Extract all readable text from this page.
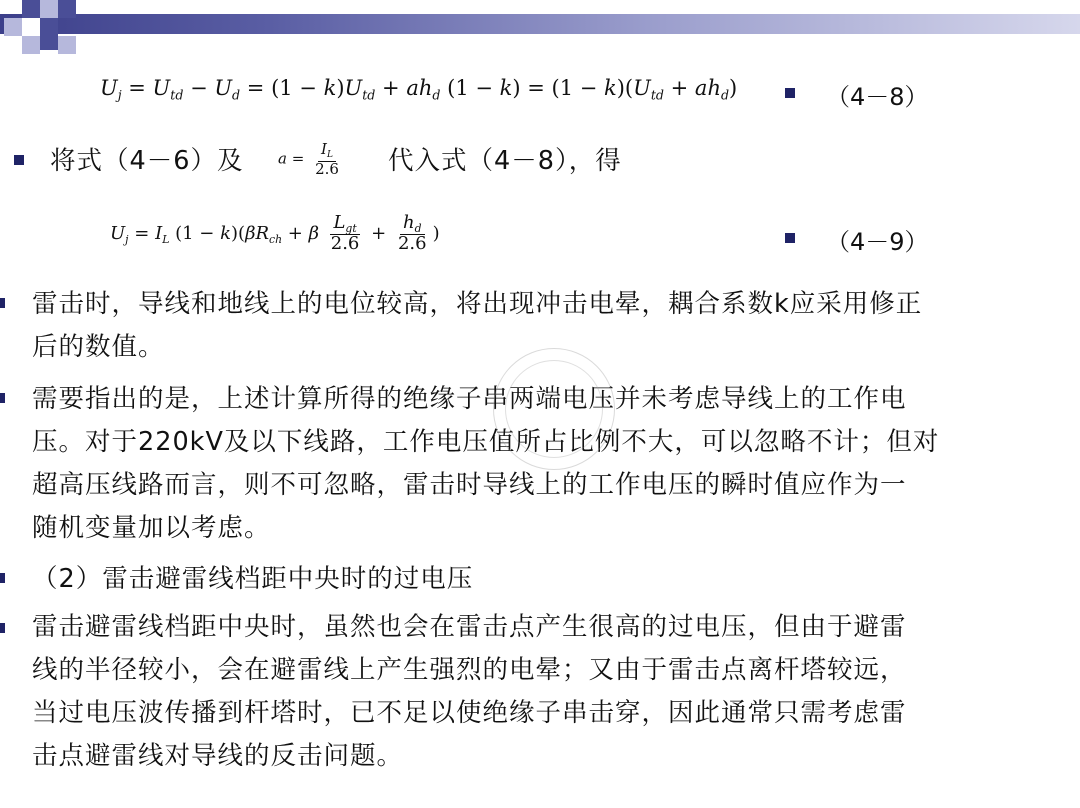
$U_j = U_{td} - U_d = (1 - k)U_{td} + ah_d$ $(1 - k) = (1 - k)(U_{td} + ah_d)$	（4－8）
将式（4－6）及 $a = \frac{I_L}{2.6}$ 代入式（4－8），得
$U_j = I_L$ $(1 - k)(\beta R_{ch} + \beta \frac{L_{gt}}{2.6} + \frac{h_d}{2.6}$ )	（4－9）
雷击时，导线和地线上的电位较高，将出现冲击电晕，耦合系数k应采用修正
后的数值。
需要指出的是，上述计算所得的绝缘子串两端电压并未考虑导线上的工作电
压。对于220kV及以下线路，工作电压值所占比例不大，可以忽略不计；但对
超高压线路而言，则不可忽略，雷击时导线上的工作电压的瞬时值应作为一
随机变量加以考虑。
（2）雷击避雷线档距中央时的过电压
雷击避雷线档距中央时，虽然也会在雷击点产生很高的过电压，但由于避雷
线的半径较小，会在避雷线上产生强烈的电晕；又由于雷击点离杆塔较远，
当过电压波传播到杆塔时，已不足以使绝缘子串击穿，因此通常只需考虑雷
击点避雷线对导线的反击问题。
